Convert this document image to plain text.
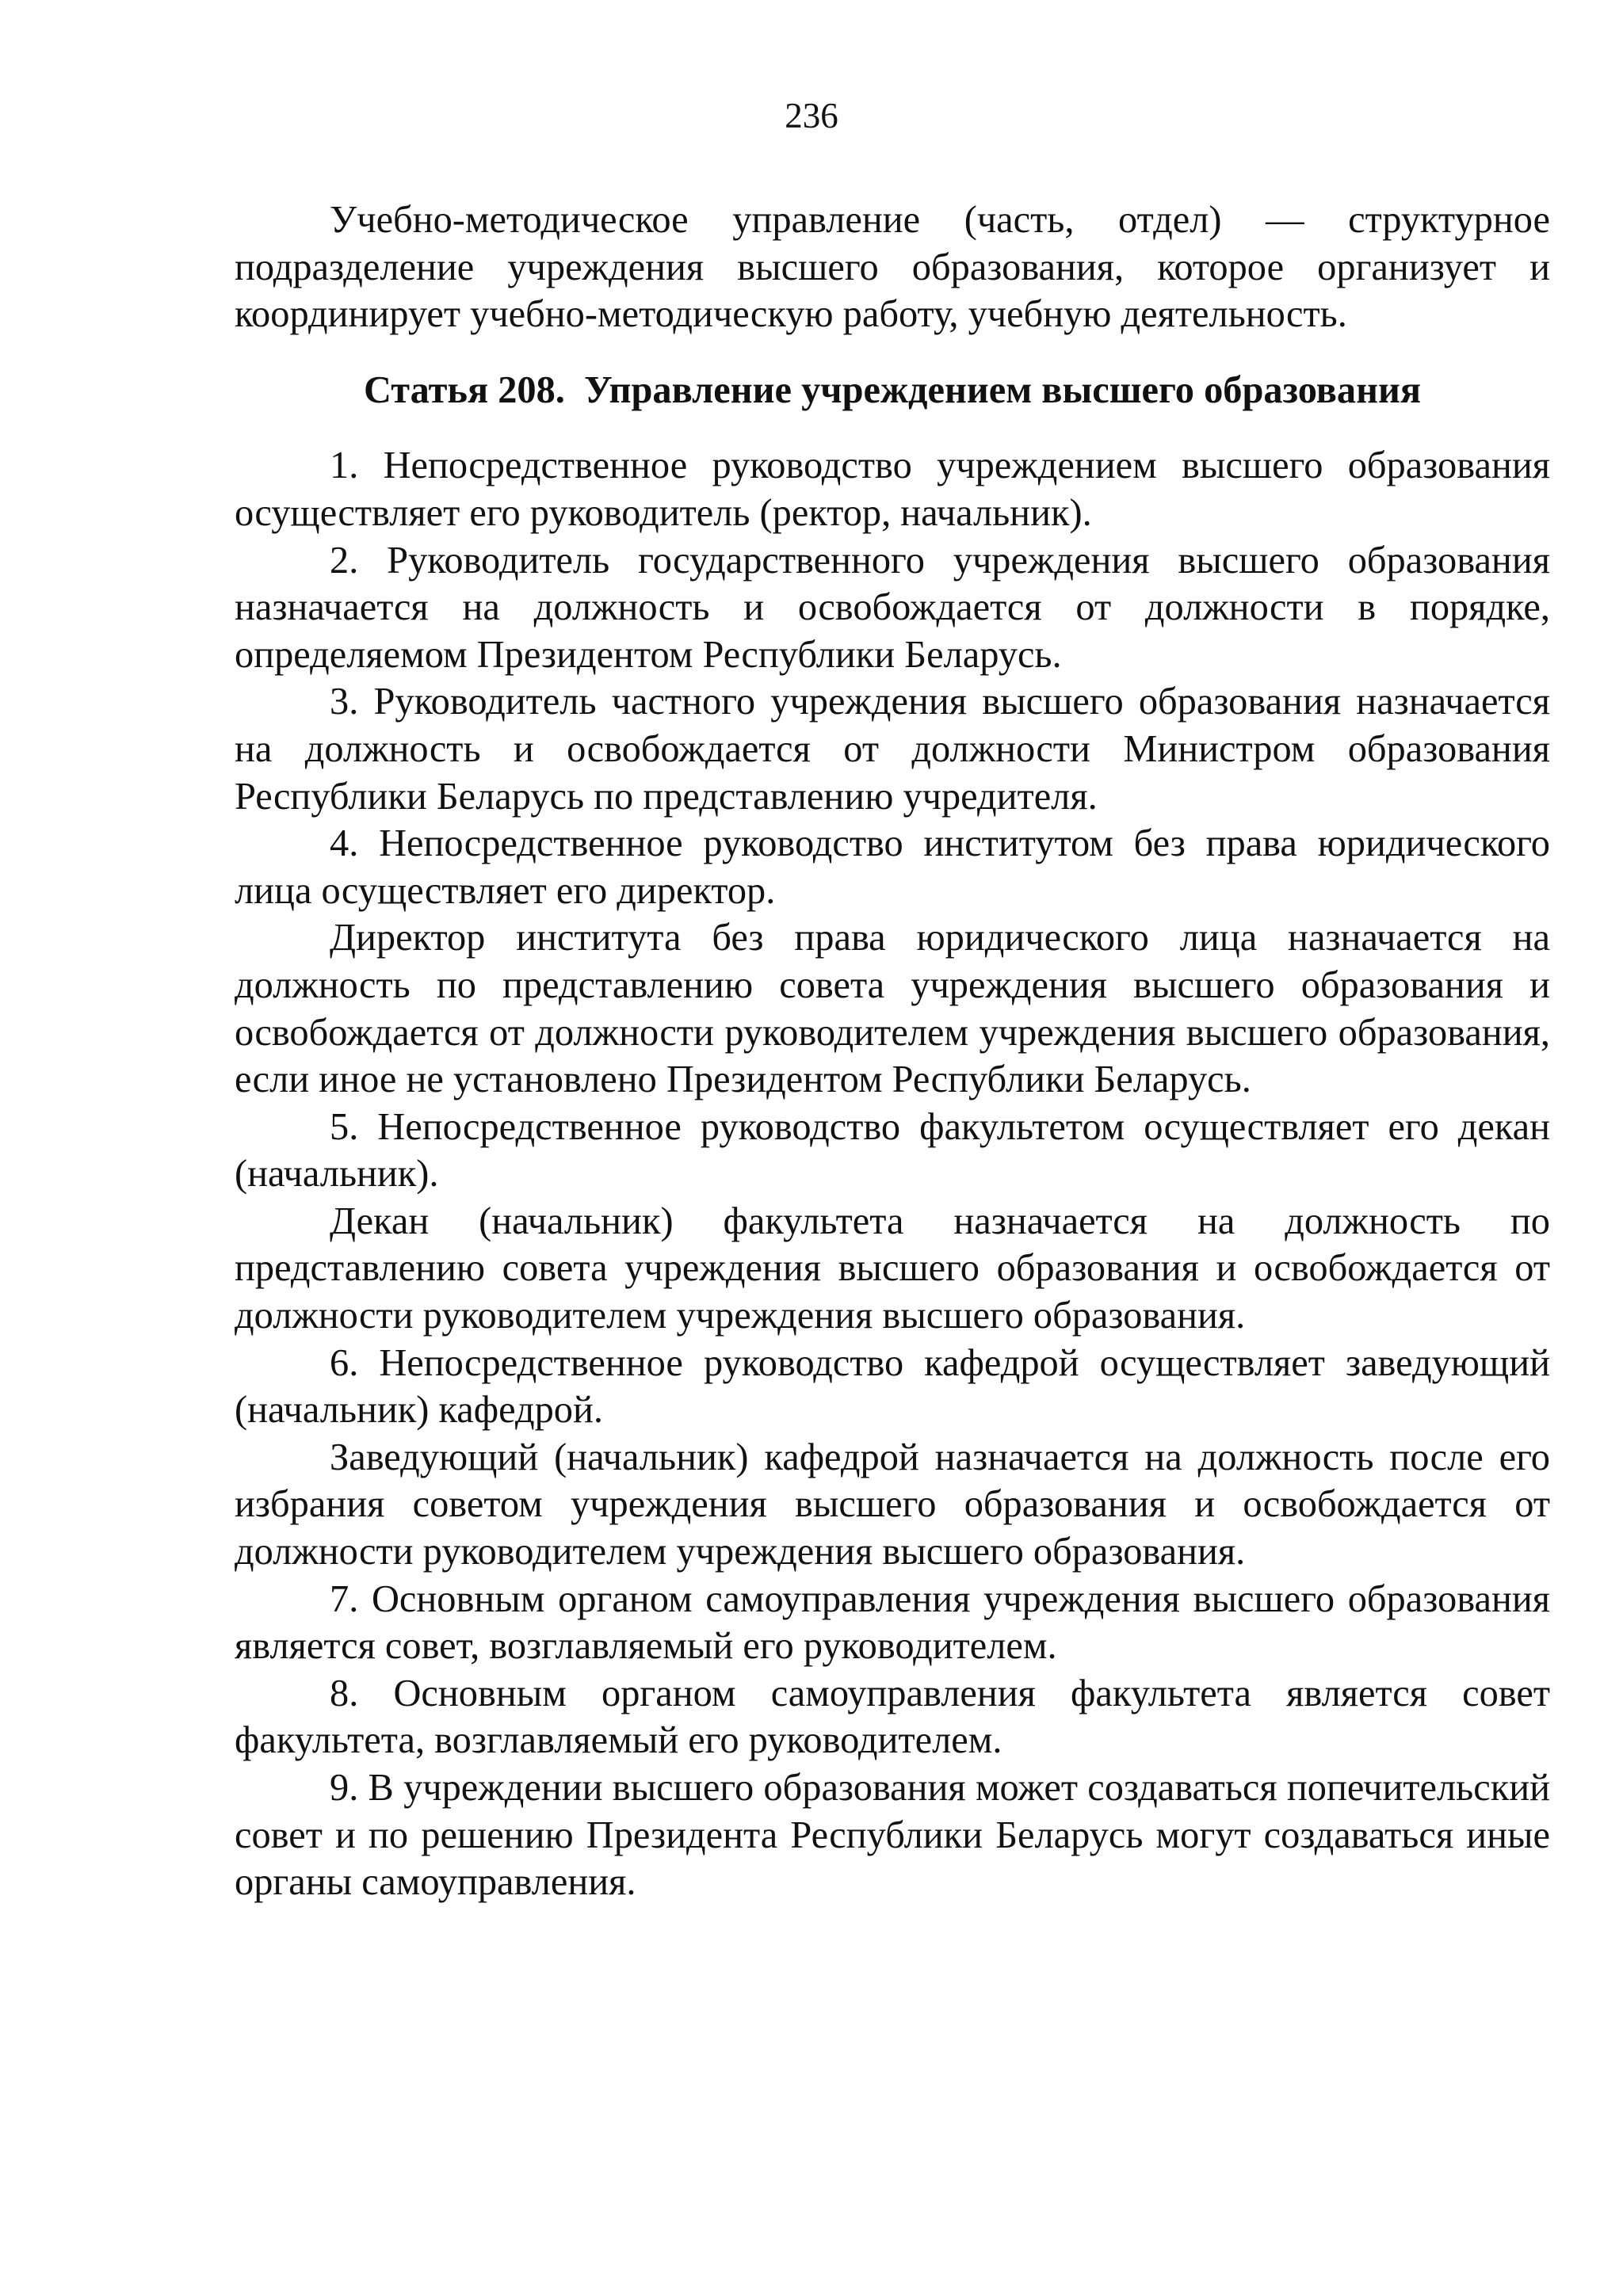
236

Учебно-методическое управление (часть, отдел) — структурное подразделение учреждения высшего образования, которое организует и координирует учебно-методическую работу, учебную деятельность.

Статья 208.  Управление учреждением высшего образования

1. Непосредственное руководство учреждением высшего образования осуществляет его руководитель (ректор, начальник).

2. Руководитель государственного учреждения высшего образования назначается на должность и освобождается от должности в порядке, определяемом Президентом Республики Беларусь.

3. Руководитель частного учреждения высшего образования назначается на должность и освобождается от должности Министром образования Республики Беларусь по представлению учредителя.

4. Непосредственное руководство институтом без права юридического лица осуществляет его директор.

Директор института без права юридического лица назначается на должность по представлению совета учреждения высшего образования и освобождается от должности руководителем учреждения высшего образования, если иное не установлено Президентом Республики Беларусь.

5. Непосредственное руководство факультетом осуществляет его декан (начальник).

Декан (начальник) факультета назначается на должность по представлению совета учреждения высшего образования и освобождается от должности руководителем учреждения высшего образования.

6. Непосредственное руководство кафедрой осуществляет заведующий (начальник) кафедрой.

Заведующий (начальник) кафедрой назначается на должность после его избрания советом учреждения высшего образования и освобождается от должности руководителем учреждения высшего образования.

7. Основным органом самоуправления учреждения высшего образования является совет, возглавляемый его руководителем.

8. Основным органом самоуправления факультета является совет факультета, возглавляемый его руководителем.

9. В учреждении высшего образования может создаваться попечительский совет и по решению Президента Республики Беларусь могут создаваться иные органы самоуправления.
